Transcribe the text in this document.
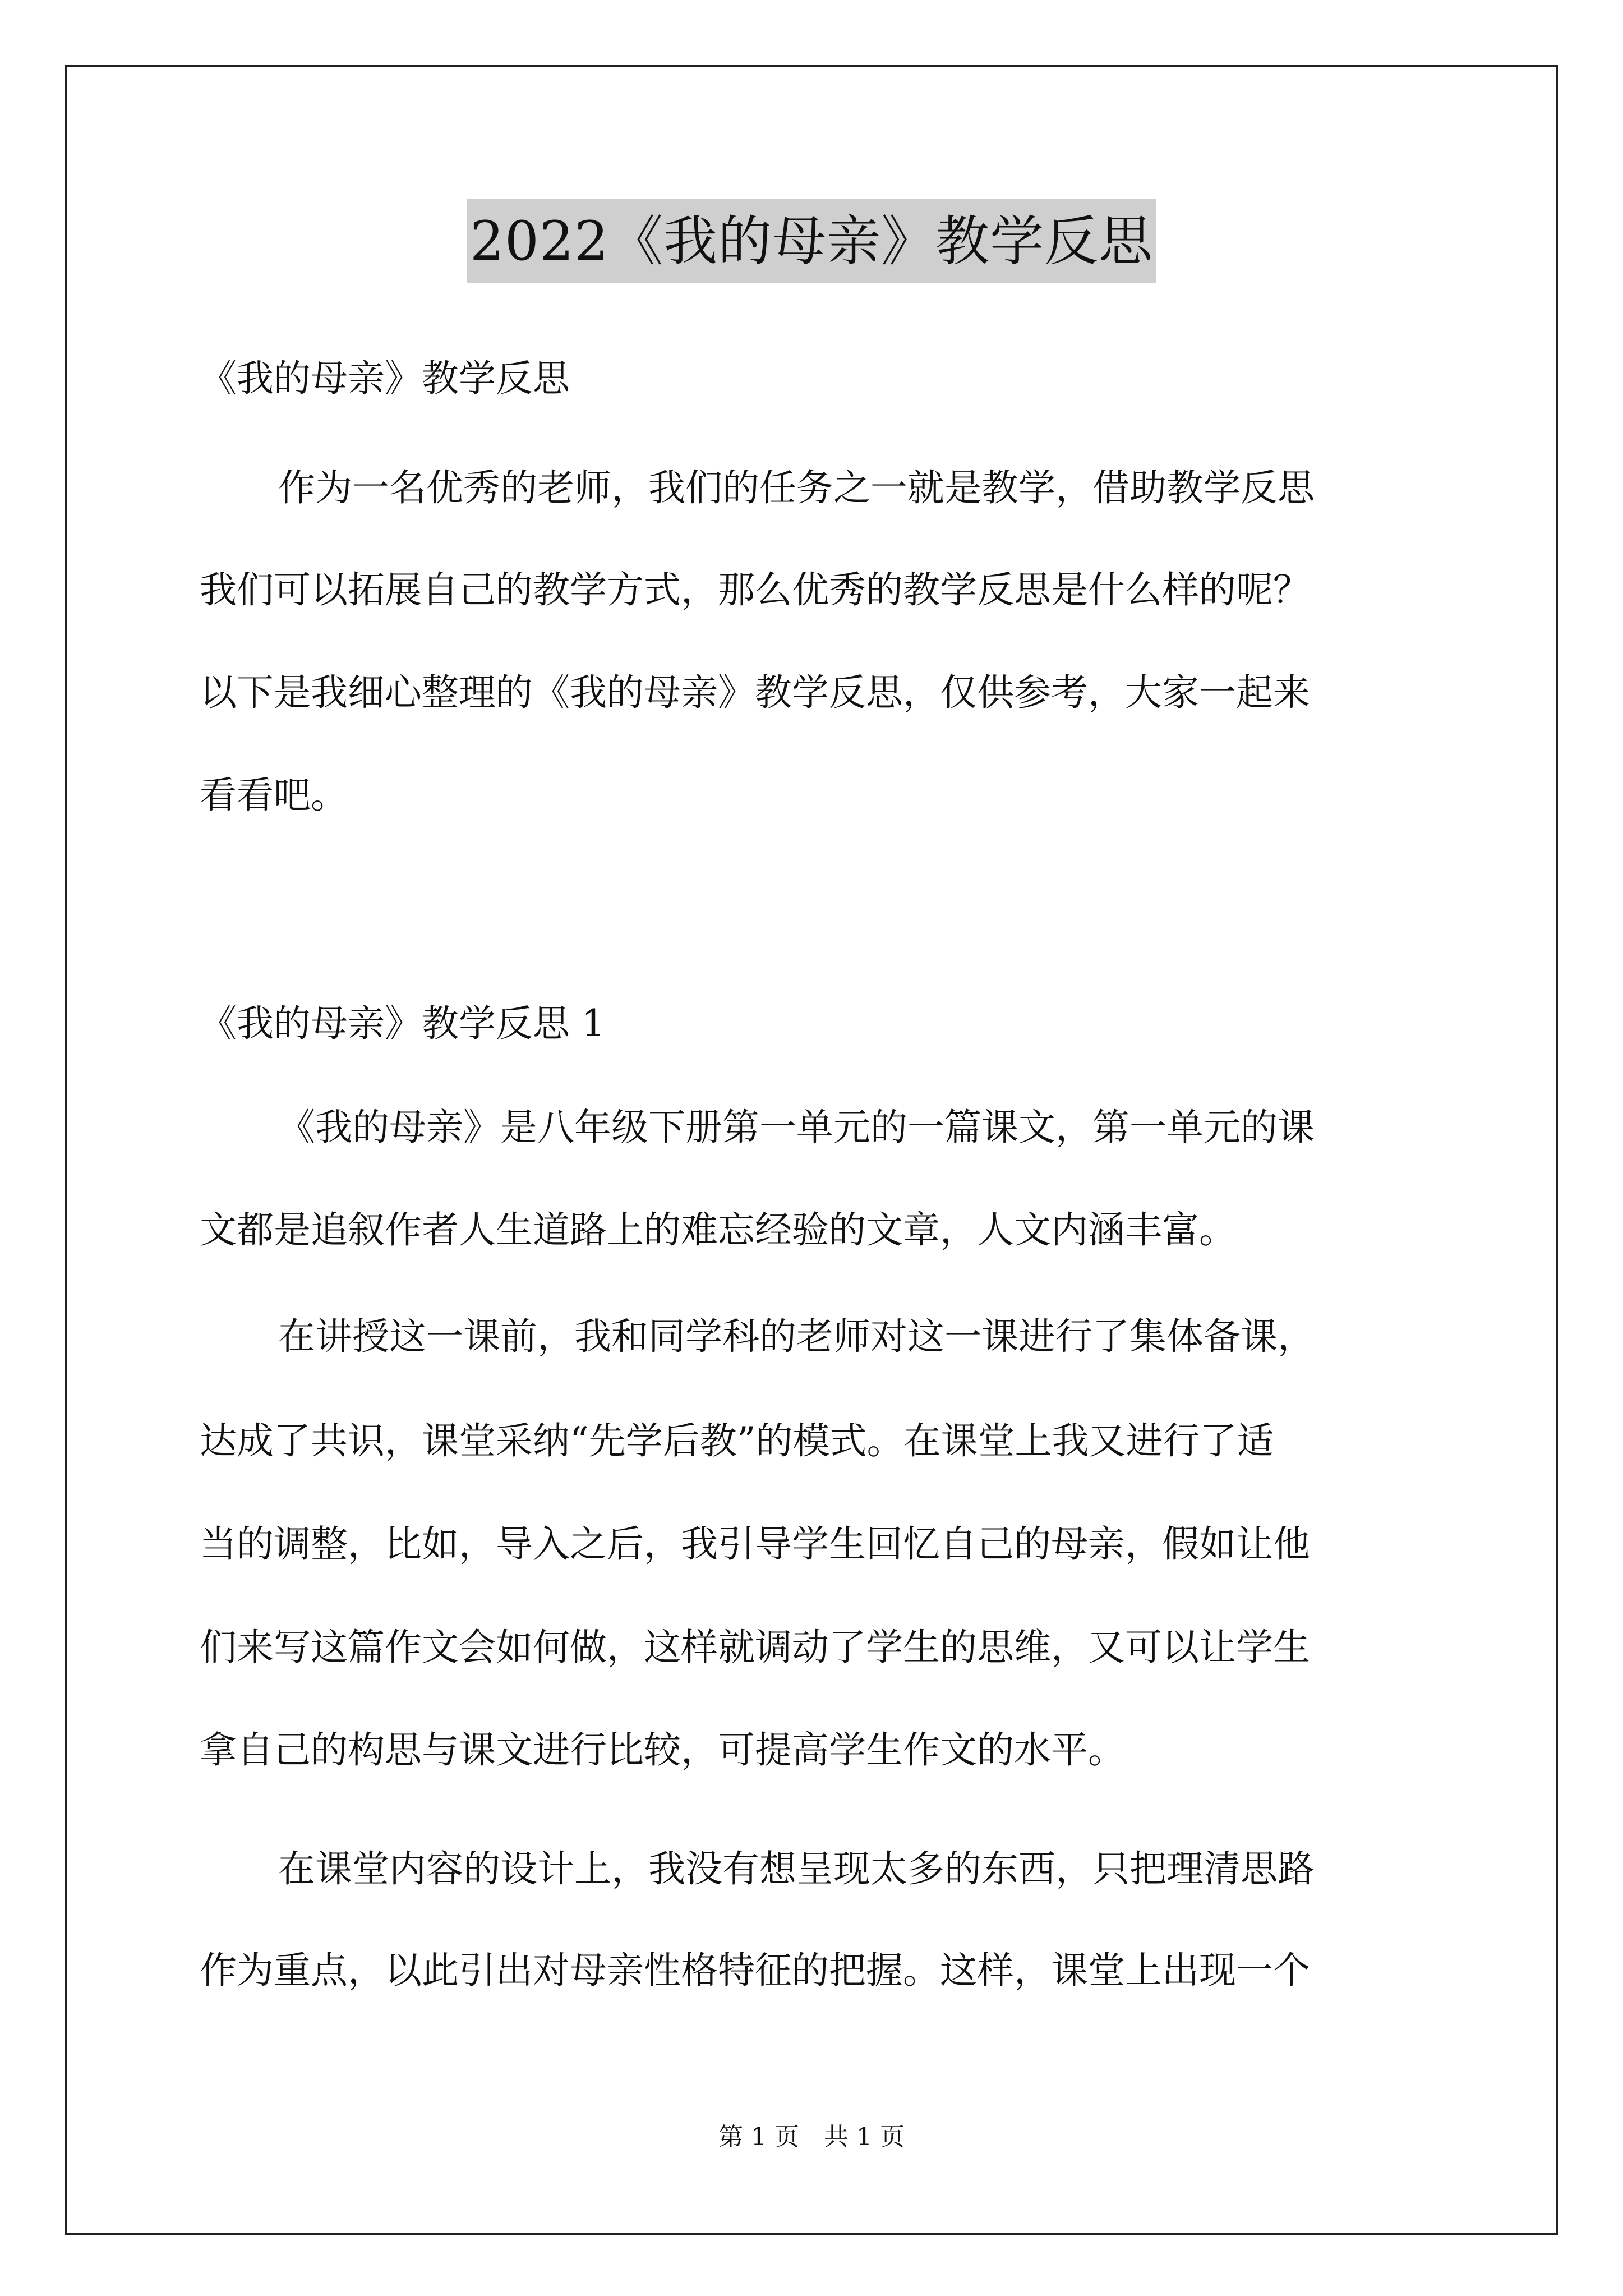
2022《我的母亲》教学反思
《我的母亲》教学反思
作为一名优秀的老师，我们的任务之一就是教学，借助教学反思
我们可以拓展自己的教学方式，那么优秀的教学反思是什么样的呢？
以下是我细心整理的《我的母亲》教学反思，仅供参考，大家一起来
看看吧。
《我的母亲》教学反思 1
《我的母亲》是八年级下册第一单元的一篇课文，第一单元的课
文都是追叙作者人生道路上的难忘经验的文章，人文内涵丰富。
在讲授这一课前，我和同学科的老师对这一课进行了集体备课，
达成了共识，课堂采纳“先学后教”的模式。在课堂上我又进行了适
当的调整，比如，导入之后，我引导学生回忆自己的母亲，假如让他
们来写这篇作文会如何做，这样就调动了学生的思维，又可以让学生
拿自己的构思与课文进行比较，可提高学生作文的水平。
在课堂内容的设计上，我没有想呈现太多的东西，只把理清思路
作为重点，以此引出对母亲性格特征的把握。这样，课堂上出现一个
第 1 页　共 1 页
